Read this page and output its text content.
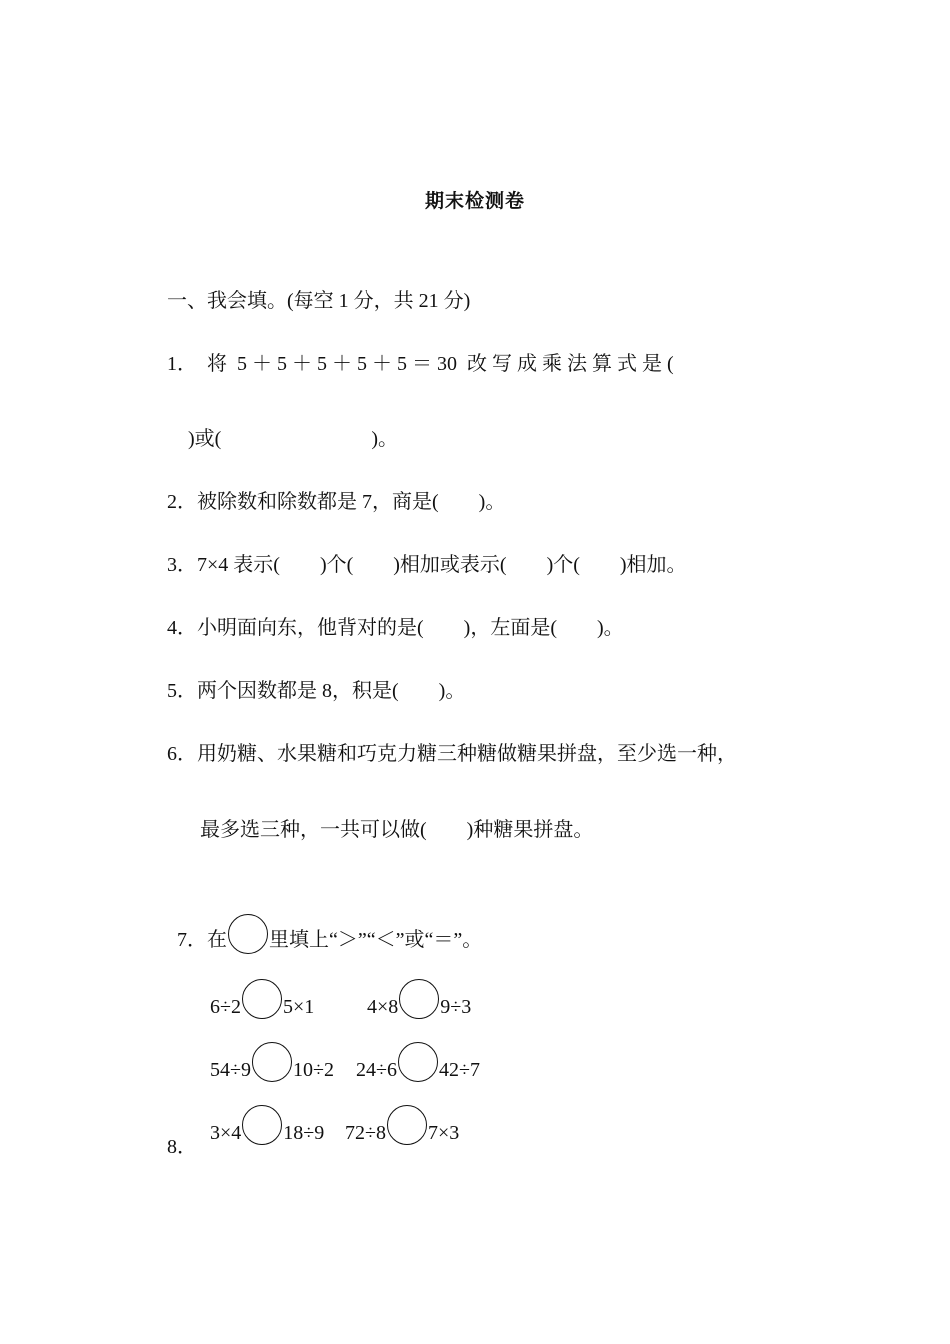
期末检测卷
一、我会填。(每空 1 分，共 21 分)
1．  将  5 ＋ 5 ＋ 5 ＋ 5 ＋ 5 ＝ 30  改 写 成 乘 法 算 式 是 (
)或(                              )。
2．被除数和除数都是 7，商是(        )。
3．7×4 表示(        )个(        )相加或表示(        )个(        )相加。
4．小明面向东，他背对的是(        )，左面是(        )。
5．两个因数都是 8，积是(        )。
6．用奶糖、水果糖和巧克力糖三种糖做糖果拼盘，至少选一种，
最多选三种，一共可以做(        )种糖果拼盘。

7．在 里填上“＞”“＜”或“＝”。

6÷2 5×1	4×8 9÷3

54÷9 10÷2	24÷6 42÷7

3×4 18÷9	72÷8 7×3

8．
